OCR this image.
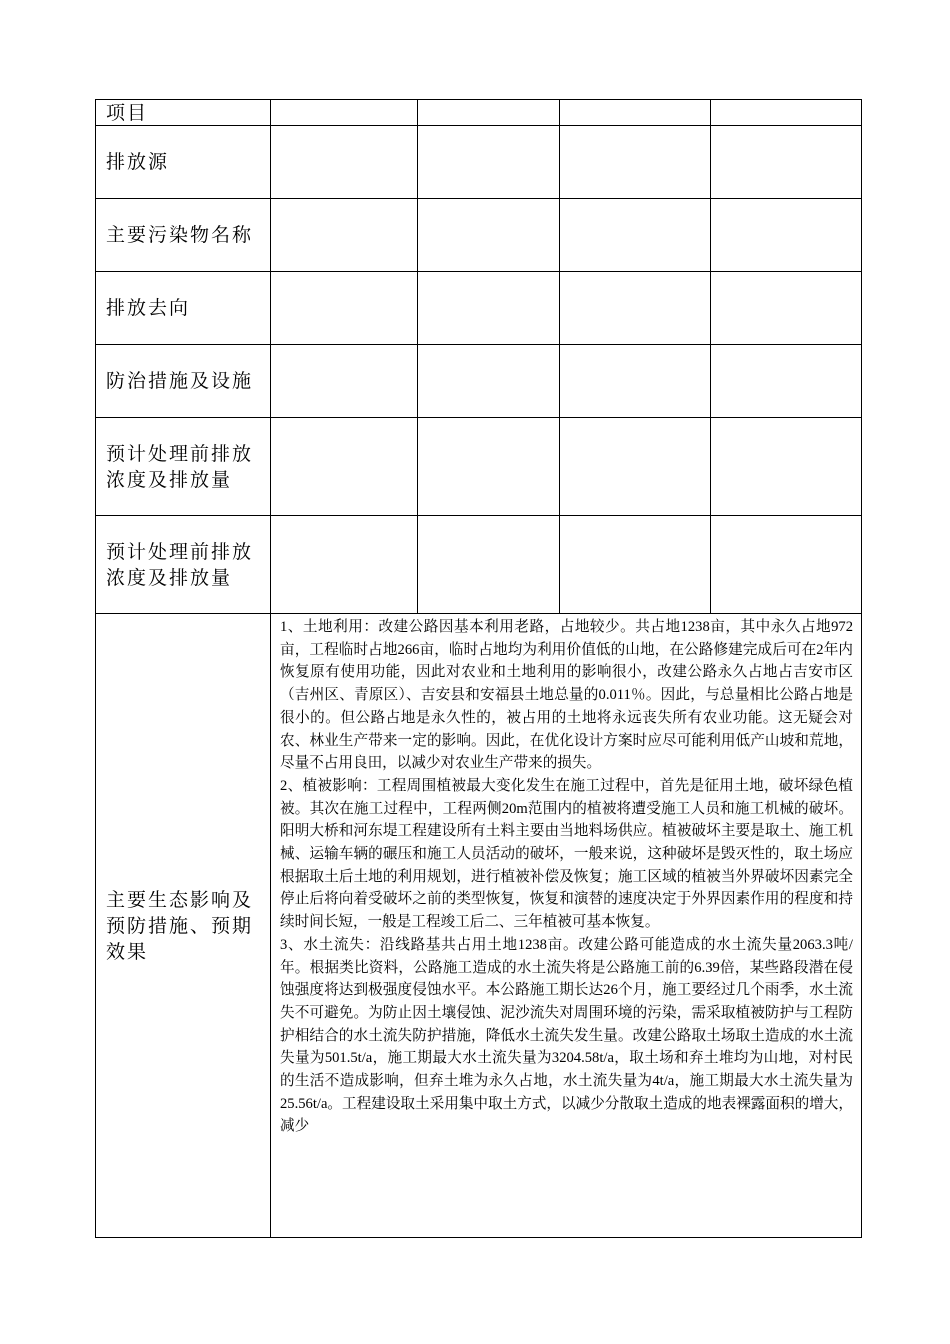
项目				
排放源				
主要污染物名称				
排放去向				
防治措施及设施				
预计处理前排放浓度及排放量				
预计处理前排放浓度及排放量				
主要生态影响及预防措施、预期效果	1、土地利用：改建公路因基本利用老路，占地较少。共占地1238亩，其中永久占地972亩，工程临时占地266亩，临时占地均为利用价值低的山地，在公路修建完成后可在2年内恢复原有使用功能，因此对农业和土地利用的影响很小，改建公路永久占地占吉安市区（吉州区、青原区）、吉安县和安福县土地总量的0.011％。因此，与总量相比公路占地是很小的。但公路占地是永久性的，被占用的土地将永远丧失所有农业功能。这无疑会对农、林业生产带来一定的影响。因此，在优化设计方案时应尽可能利用低产山坡和荒地，尽量不占用良田，以减少对农业生产带来的损失。

2、植被影响：工程周围植被最大变化发生在施工过程中，首先是征用土地，破坏绿色植被。其次在施工过程中，工程两侧20m范围内的植被将遭受施工人员和施工机械的破坏。阳明大桥和河东堤工程建设所有土料主要由当地料场供应。植被破坏主要是取土、施工机械、运输车辆的碾压和施工人员活动的破坏，一般来说，这种破坏是毁灭性的，取土场应根据取土后土地的利用规划，进行植被补偿及恢复；施工区域的植被当外界破坏因素完全停止后将向着受破坏之前的类型恢复，恢复和演替的速度决定于外界因素作用的程度和持续时间长短，一般是工程竣工后二、三年植被可基本恢复。

3、水土流失：沿线路基共占用土地1238亩。改建公路可能造成的水土流失量2063.3吨/年。根据类比资料，公路施工造成的水土流失将是公路施工前的6.39倍，某些路段潜在侵蚀强度将达到极强度侵蚀水平。本公路施工期长达26个月，施工要经过几个雨季，水土流失不可避免。为防止因土壤侵蚀、泥沙流失对周围环境的污染，需采取植被防护与工程防护相结合的水土流失防护措施，降低水土流失发生量。改建公路取土场取土造成的水土流失量为501.5t/a，施工期最大水土流失量为3204.58t/a，取土场和弃土堆均为山地，对村民的生活不造成影响，但弃土堆为永久占地，水土流失量为4t/a，施工期最大水土流失量为25.56t/a。工程建设取土采用集中取土方式，以减少分散取土造成的地表裸露面积的增大，减少			
